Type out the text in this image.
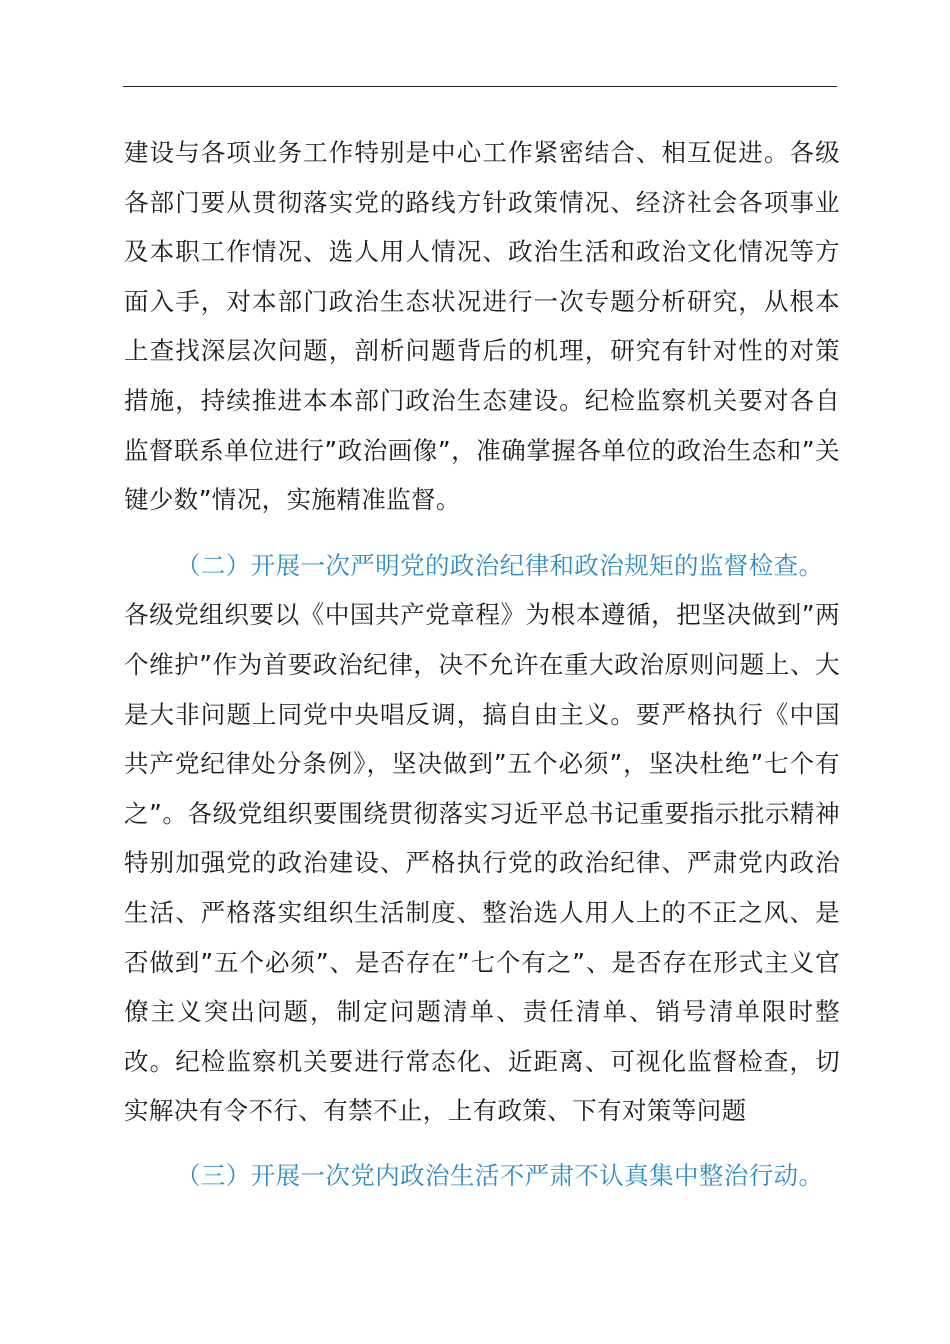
建设与各项业务工作特别是中心工作紧密结合、相互促进。各级各部门要从贯彻落实党的路线方针政策情况、经济社会各项事业及本职工作情况、选人用人情况、政治生活和政治文化情况等方面入手，对本部门政治生态状况进行一次专题分析研究，从根本上查找深层次问题，剖析问题背后的机理，研究有针对性的对策措施，持续推进本本部门政治生态建设。纪检监察机关要对各自监督联系单位进行”政治画像”，准确掌握各单位的政治生态和”关键少数”情况，实施精准监督。

（二）开展一次严明党的政治纪律和政治规矩的监督检查。

各级党组织要以《中国共产党章程》为根本遵循，把坚决做到”两个维护”作为首要政治纪律，决不允许在重大政治原则问题上、大是大非问题上同党中央唱反调，搞自由主义。要严格执行《中国共产党纪律处分条例》，坚决做到”五个必须”，坚决杜绝”七个有之”。各级党组织要围绕贯彻落实习近平总书记重要指示批示精神特别加强党的政治建设、严格执行党的政治纪律、严肃党内政治生活、严格落实组织生活制度、整治选人用人上的不正之风、是否做到”五个必须”、是否存在”七个有之”、是否存在形式主义官僚主义突出问题，制定问题清单、责任清单、销号清单限时整改。纪检监察机关要进行常态化、近距离、可视化监督检查，切实解决有令不行、有禁不止，上有政策、下有对策等问题

（三）开展一次党内政治生活不严肃不认真集中整治行动。
